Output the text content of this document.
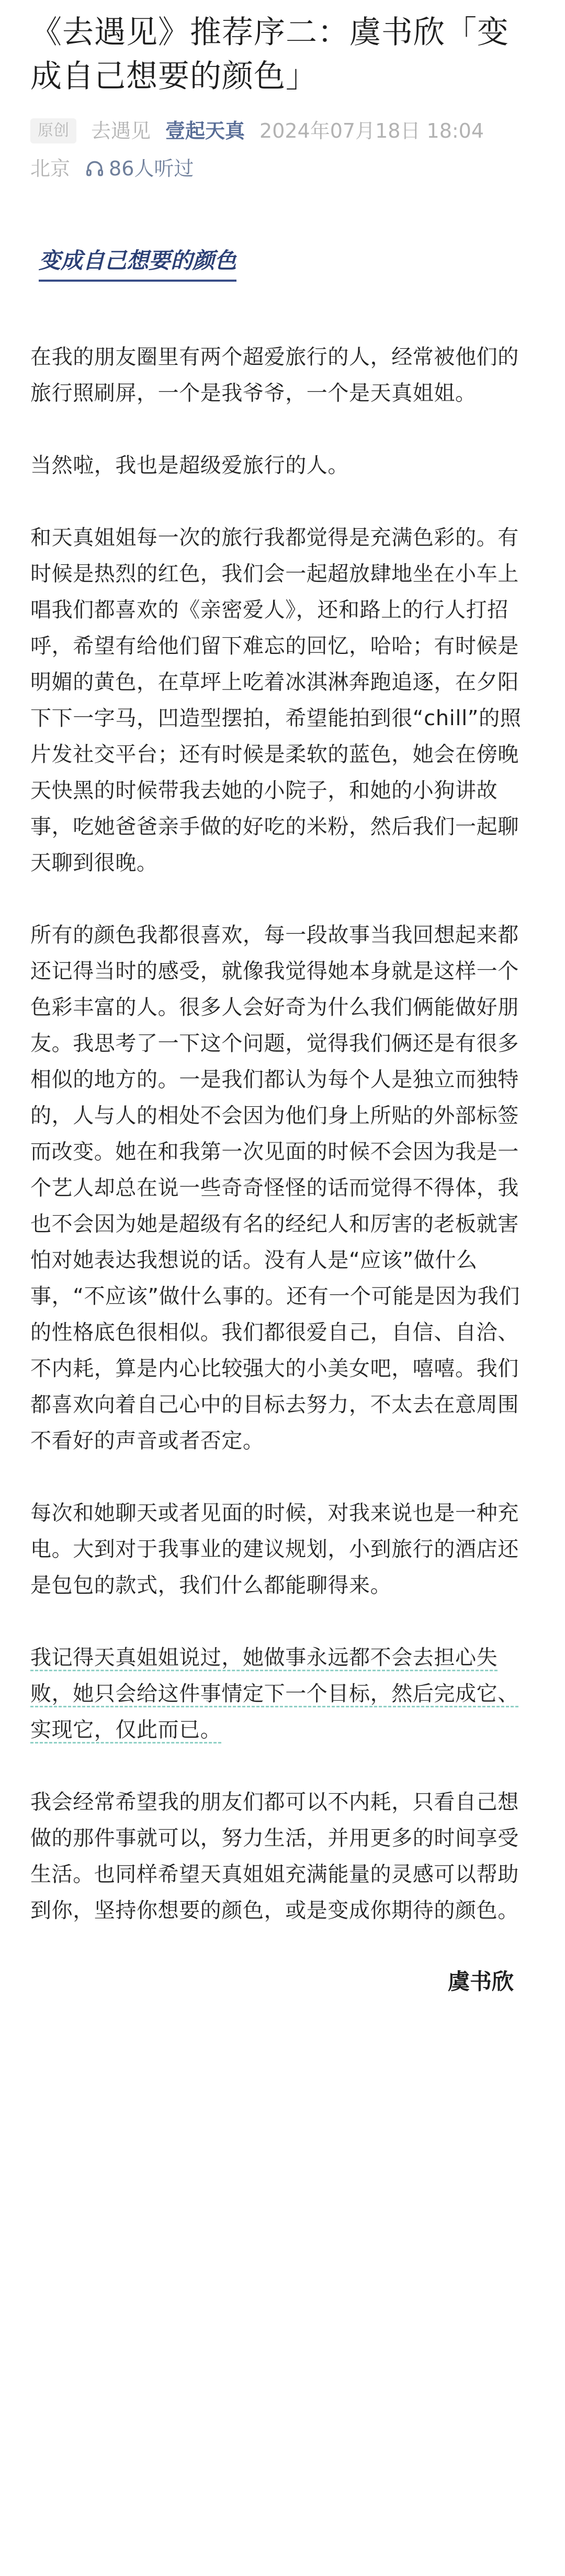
《去遇见》推荐序二：虞书欣「变成自己想要的颜色」
原创	去遇见 壹起天真 2024年07月18日 18:04
北京 86人听过
变成自己想要的颜色

在我的朋友圈里有两个超爱旅行的人，经常被他们的旅行照刷屏，一个是我爷爷，一个是天真姐姐。

当然啦，我也是超级爱旅行的人。

和天真姐姐每一次的旅行我都觉得是充满色彩的。有时候是热烈的红色，我们会一起超放肆地坐在小车上唱我们都喜欢的《亲密爱人》，还和路上的行人打招呼，希望有给他们留下难忘的回忆，哈哈；有时候是明媚的黄色，在草坪上吃着冰淇淋奔跑追逐，在夕阳下下一字马，凹造型摆拍，希望能拍到很“chill”的照片发社交平台；还有时候是柔软的蓝色，她会在傍晚天快黑的时候带我去她的小院子，和她的小狗讲故事，吃她爸爸亲手做的好吃的米粉，然后我们一起聊天聊到很晚。

所有的颜色我都很喜欢，每一段故事当我回想起来都还记得当时的感受，就像我觉得她本身就是这样一个色彩丰富的人。很多人会好奇为什么我们俩能做好朋友。我思考了一下这个问题，觉得我们俩还是有很多相似的地方的。一是我们都认为每个人是独立而独特的，人与人的相处不会因为他们身上所贴的外部标签而改变。她在和我第一次见面的时候不会因为我是一个艺人却总在说一些奇奇怪怪的话而觉得不得体，我也不会因为她是超级有名的经纪人和厉害的老板就害怕对她表达我想说的话。没有人是“应该”做什么事，“不应该”做什么事的。还有一个可能是因为我们的性格底色很相似。我们都很爱自己，自信、自洽、不内耗，算是内心比较强大的小美女吧，嘻嘻。我们都喜欢向着自己心中的目标去努力，不太去在意周围不看好的声音或者否定。

每次和她聊天或者见面的时候，对我来说也是一种充电。大到对于我事业的建议规划，小到旅行的酒店还是包包的款式，我们什么都能聊得来。

我记得天真姐姐说过，她做事永远都不会去担心失败，她只会给这件事情定下一个目标，然后完成它、实现它，仅此而已。

我会经常希望我的朋友们都可以不内耗，只看自己想做的那件事就可以，努力生活，并用更多的时间享受生活。也同样希望天真姐姐充满能量的灵感可以帮助到你，坚持你想要的颜色，或是变成你期待的颜色。

虞书欣
